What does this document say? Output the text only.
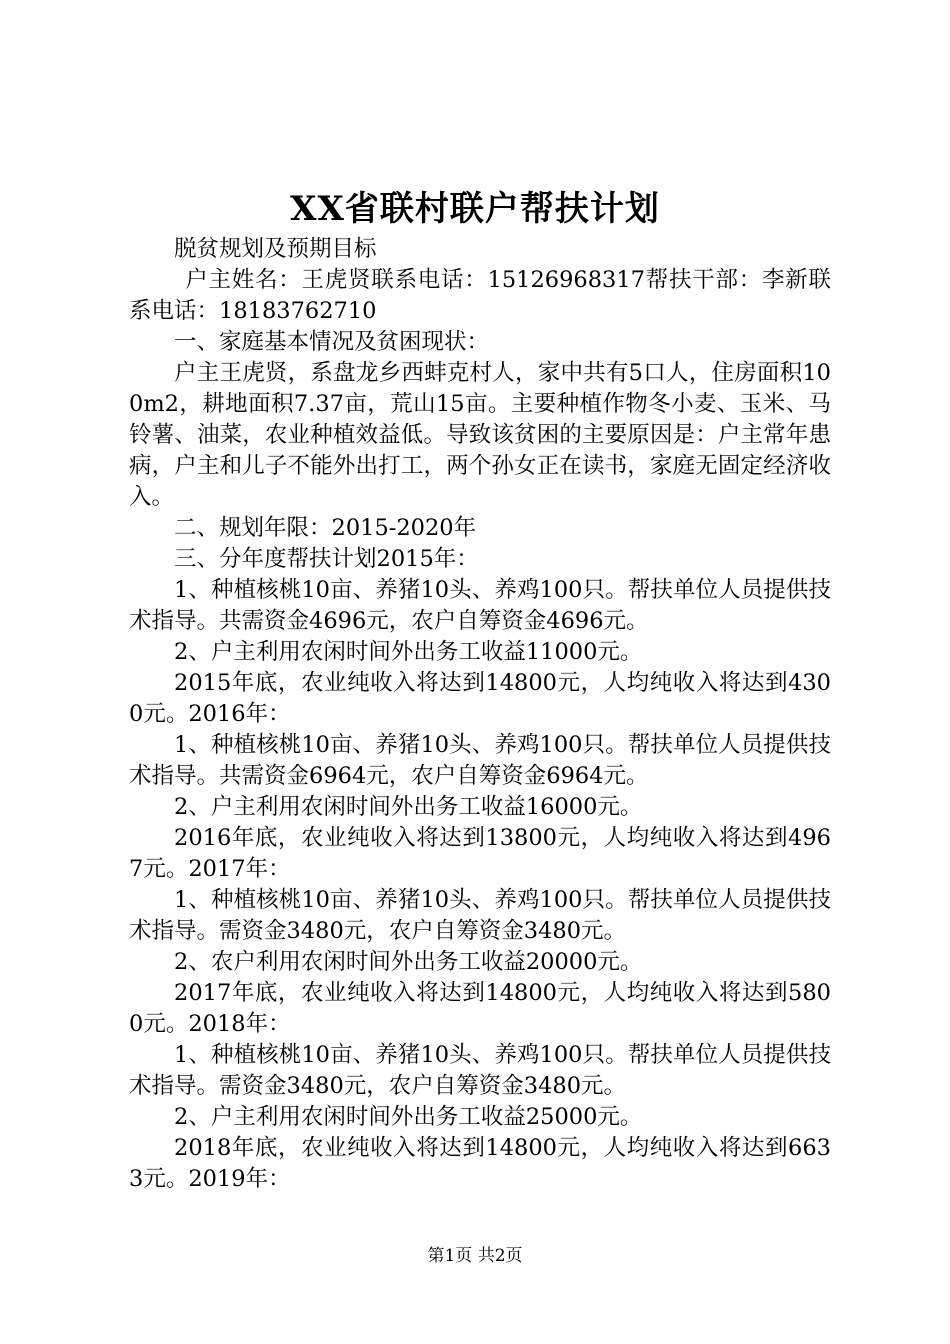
XX省联村联户帮扶计划

脱贫规划及预期目标

户主姓名：王虎贤联系电话：15126968317帮扶干部：李新联系电话：18183762710

一、家庭基本情况及贫困现状：

户主王虎贤，系盘龙乡西蚌克村人，家中共有5口人，住房面积100m2，耕地面积7.37亩，荒山15亩。主要种植作物冬小麦、玉米、马铃薯、油菜，农业种植效益低。导致该贫困的主要原因是：户主常年患病，户主和儿子不能外出打工，两个孙女正在读书，家庭无固定经济收入。

二、规划年限：2015-2020年

三、分年度帮扶计划2015年：

1、种植核桃10亩、养猪10头、养鸡100只。帮扶单位人员提供技术指导。共需资金4696元，农户自筹资金4696元。

2、户主利用农闲时间外出务工收益11000元。

2015年底，农业纯收入将达到14800元，人均纯收入将达到4300元。2016年：

1、种植核桃10亩、养猪10头、养鸡100只。帮扶单位人员提供技术指导。共需资金6964元，农户自筹资金6964元。

2、户主利用农闲时间外出务工收益16000元。

2016年底，农业纯收入将达到13800元，人均纯收入将达到4967元。2017年：

1、种植核桃10亩、养猪10头、养鸡100只。帮扶单位人员提供技术指导。需资金3480元，农户自筹资金3480元。

2、农户利用农闲时间外出务工收益20000元。

2017年底，农业纯收入将达到14800元，人均纯收入将达到5800元。2018年：

1、种植核桃10亩、养猪10头、养鸡100只。帮扶单位人员提供技术指导。需资金3480元，农户自筹资金3480元。

2、户主利用农闲时间外出务工收益25000元。

2018年底，农业纯收入将达到14800元，人均纯收入将达到6633元。2019年：

第1页 共2页
